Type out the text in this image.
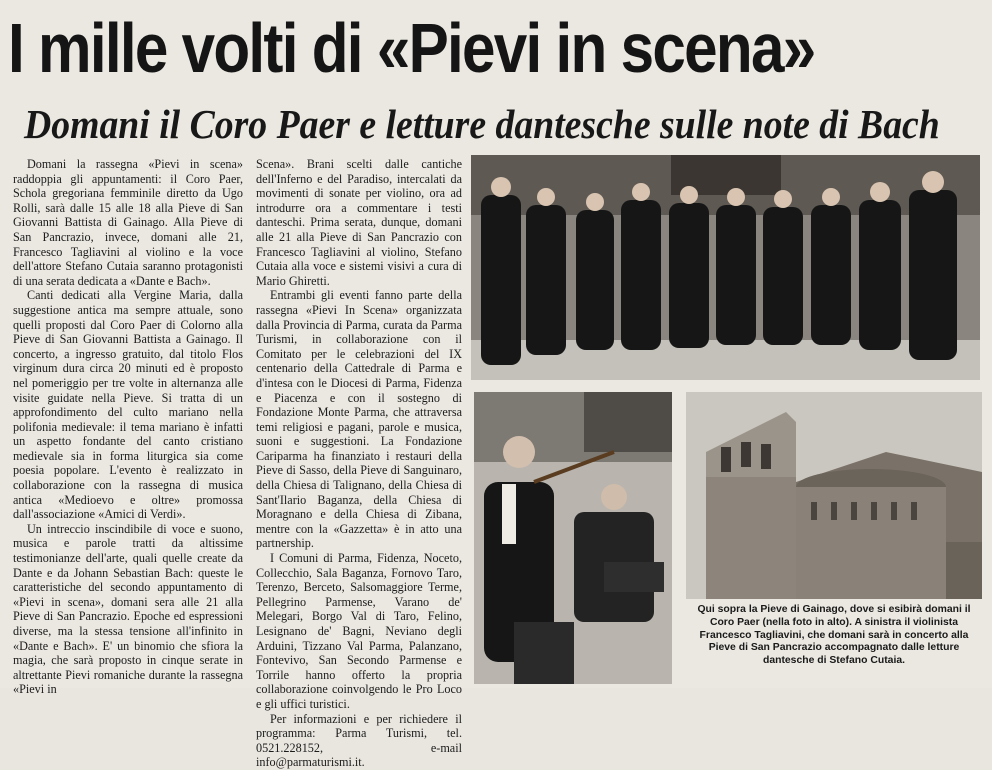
I mille volti di «Pievi in scena»
Domani il Coro Paer e letture dantesche sulle note di Bach

Domani la rassegna «Pievi in scena» raddoppia gli appuntamenti: il Coro Paer, Schola gregoriana femminile diretto da Ugo Rolli, sarà dalle 15 alle 18 alla Pieve di San Giovanni Battista di Gainago. Alla Pieve di San Pancrazio, invece, domani alle 21, Francesco Tagliavini al violino e la voce dell'attore Stefano Cutaia saranno protagonisti di una serata dedicata a «Dante e Bach».

Canti dedicati alla Vergine Maria, dalla suggestione antica ma sempre attuale, sono quelli proposti dal Coro Paer di Colorno alla Pieve di San Giovanni Battista a Gainago. Il concerto, a ingresso gratuito, dal titolo Flos virginum dura circa 20 minuti ed è proposto nel pomeriggio per tre volte in alternanza alle visite guidate nella Pieve. Si tratta di un approfondimento del culto mariano nella polifonia medievale: il tema mariano è infatti un aspetto fondante del canto cristiano medievale sia in forma liturgica sia come poesia popolare. L'evento è realizzato in collaborazione con la rassegna di musica antica «Medioevo e oltre» promossa dall'associazione «Amici di Verdi».

Un intreccio inscindibile di voce e suono, musica e parole tratti da altissime testimonianze dell'arte, quali quelle create da Dante e da Johann Sebastian Bach: queste le caratteristiche del secondo appuntamento di «Pievi in scena», domani sera alle 21 alla Pieve di San Pancrazio. Epoche ed espressioni diverse, ma la stessa tensione all'infinito in «Dante e Bach». E' un binomio che sfiora la magia, che sarà proposto in cinque serate in altrettante Pievi romaniche durante la rassegna «Pievi in

Scena». Brani scelti dalle cantiche dell'Inferno e del Paradiso, intercalati da movimenti di sonate per violino, ora ad introdurre ora a commentare i testi danteschi. Prima serata, dunque, domani alle 21 alla Pieve di San Pancrazio con Francesco Tagliavini al violino, Stefano Cutaia alla voce e sistemi visivi a cura di Mario Ghiretti.

Entrambi gli eventi fanno parte della rassegna «Pievi In Scena» organizzata dalla Provincia di Parma, curata da Parma Turismi, in collaborazione con il Comitato per le celebrazioni del IX centenario della Cattedrale di Parma e d'intesa con le Diocesi di Parma, Fidenza e Piacenza e con il sostegno di Fondazione Monte Parma, che attraversa temi religiosi e pagani, parole e musica, suoni e suggestioni. La Fondazione Cariparma ha finanziato i restauri della Pieve di Sasso, della Pieve di Sanguinaro, della Chiesa di Talignano, della Chiesa di Sant'Ilario Baganza, della Chiesa di Moragnano e della Chiesa di Zibana, mentre con la «Gazzetta» è in atto una partnership.

I Comuni di Parma, Fidenza, Noceto, Collecchio, Sala Baganza, Fornovo Taro, Terenzo, Berceto, Salsomaggiore Terme, Pellegrino Parmense, Varano de' Melegari, Borgo Val di Taro, Felino, Lesignano de' Bagni, Neviano degli Arduini, Tizzano Val Parma, Palanzano, Fontevivo, San Secondo Parmense e Torrile hanno offerto la propria collaborazione coinvolgendo le Pro Loco e gli uffici turistici.

Per informazioni e per richiedere il programma: Parma Turismi, tel. 0521.228152, e-mail info@parmaturismi.it.

Qui sopra la Pieve di Gainago, dove si esibirà domani il Coro Paer (nella foto in alto). A sinistra il violinista Francesco Tagliavini, che domani sarà in concerto alla Pieve di San Pancrazio accompagnato dalle letture dantesche di Stefano Cutaia.
